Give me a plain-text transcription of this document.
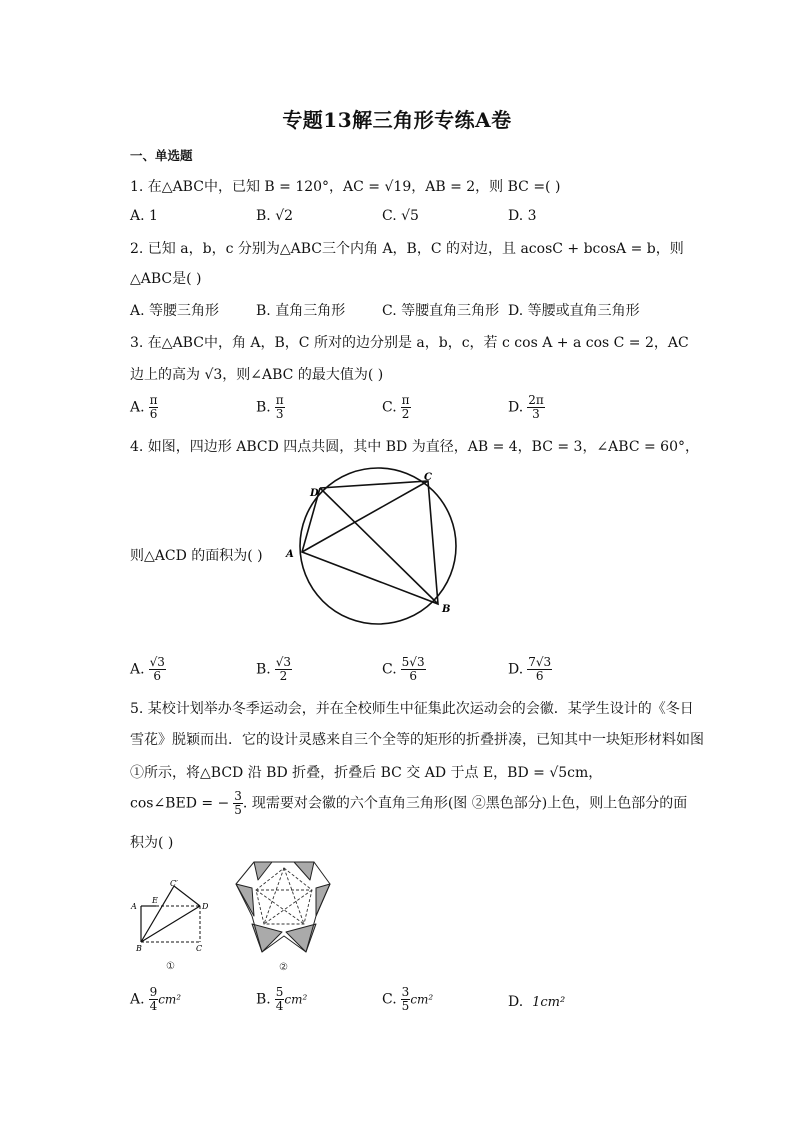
专题13解三角形专练A卷
一、单选题
1. 在△ABC中，已知 B = 120°，AC = √19，AB = 2，则 BC =( )
A. 1	B. √2	C. √5	D. 3
2. 已知 a，b，c 分别为△ABC三个内角 A，B，C 的对边，且 acosC + bcosA = b，则
△ABC是( )
A. 等腰三角形	B. 直角三角形	C. 等腰直角三角形 D. 等腰或直角三角形
3. 在△ABC中，角 A，B，C 所对的边分别是 a，b，c，若 c cos A + a cos C = 2，AC
边上的高为 √3，则∠ABC 的最大值为( )
A. $\frac{\pi}{6}$	B. $\frac{\pi}{3}$	C. $\frac{\pi}{2}$	D. $\frac{2\pi}{3}$
4. 如图，四边形 ABCD 四点共圆，其中 BD 为直径，AB = 4，BC = 3，∠ABC = 60°，
则△ACD 的面积为( )
D
C
A
B
A. $\frac{√3}{6}$	B. $\frac{√3}{2}$	C. $\frac{5√3}{6}$	D. $\frac{7√3}{6}$
5. 某校计划举办冬季运动会，并在全校师生中征集此次运动会的会徽．某学生设计的《冬日
雪花》脱颖而出．它的设计灵感来自三个全等的矩形的折叠拼凑，已知其中一块矩形材料如图
①所示，将△BCD 沿 BD 折叠，折叠后 BC 交 AD 于点 E，BD = √5cm，
cos∠BED = − $\frac{3}{5}$ . 现需要对会徽的六个直角三角形(图 ②黑色部分)上色，则上色部分的面
积为( )
A
E
C′
D
B	C
①	②
A. $\frac{9}{4} cm^2$	B. $\frac{5}{4} cm^2$	C. $\frac{3}{5} cm^2$	D. 1cm²
